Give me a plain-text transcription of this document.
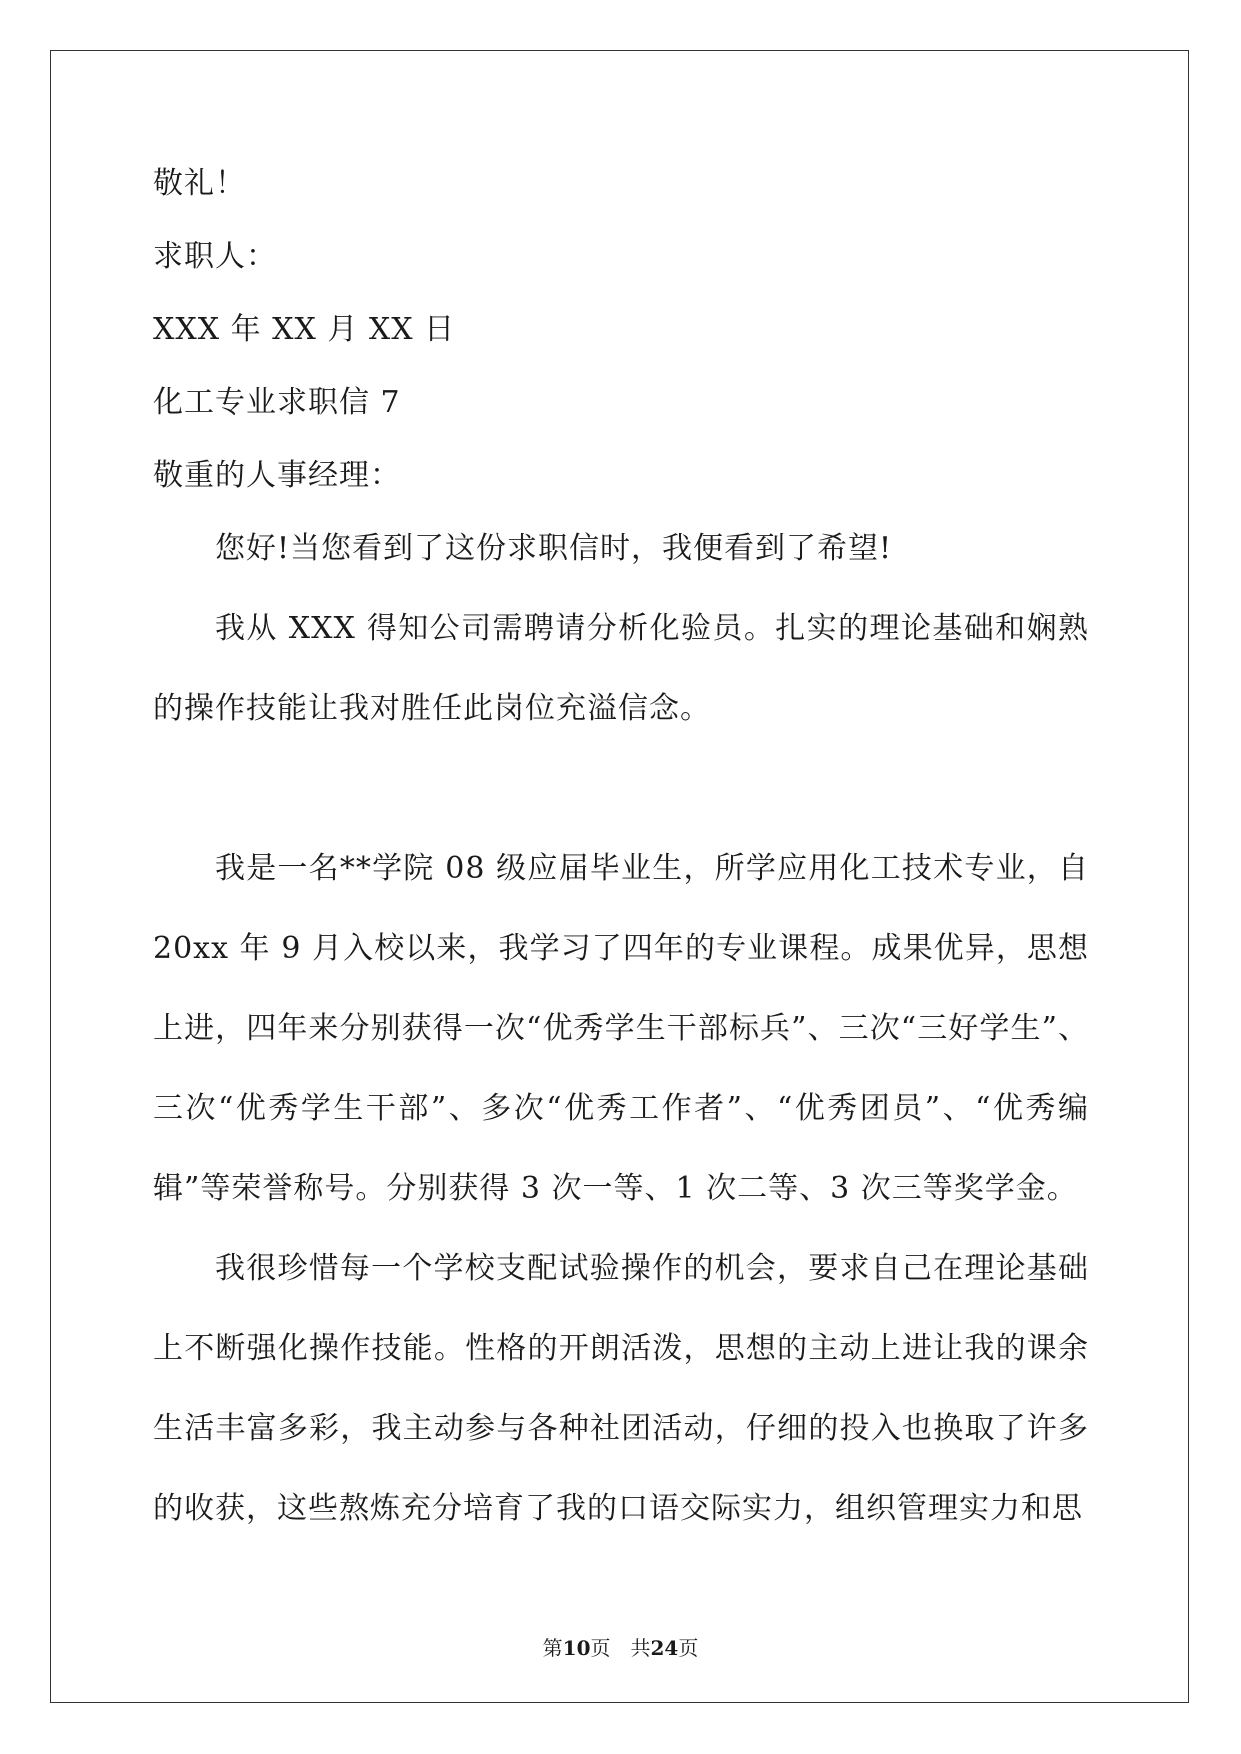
敬礼！
求职人：
XXX 年 XX 月 XX 日
化工专业求职信 7
敬重的人事经理：
您好!当您看到了这份求职信时，我便看到了希望!
我从 XXX 得知公司需聘请分析化验员。扎实的理论基础和娴熟的操作技能让我对胜任此岗位充溢信念。
我是一名**学院 08 级应届毕业生，所学应用化工技术专业，自 20xx 年 9 月入校以来，我学习了四年的专业课程。成果优异，思想上进，四年来分别获得一次“优秀学生干部标兵”、三次“三好学生”、三次“优秀学生干部”、多次“优秀工作者”、“优秀团员”、“优秀编辑”等荣誉称号。分别获得 3 次一等、1 次二等、3 次三等奖学金。
我很珍惜每一个学校支配试验操作的机会，要求自己在理论基础上不断强化操作技能。性格的开朗活泼，思想的主动上进让我的课余生活丰富多彩，我主动参与各种社团活动，仔细的投入也换取了许多的收获，这些熬炼充分培育了我的口语交际实力，组织管理实力和思
第10页　共24页
